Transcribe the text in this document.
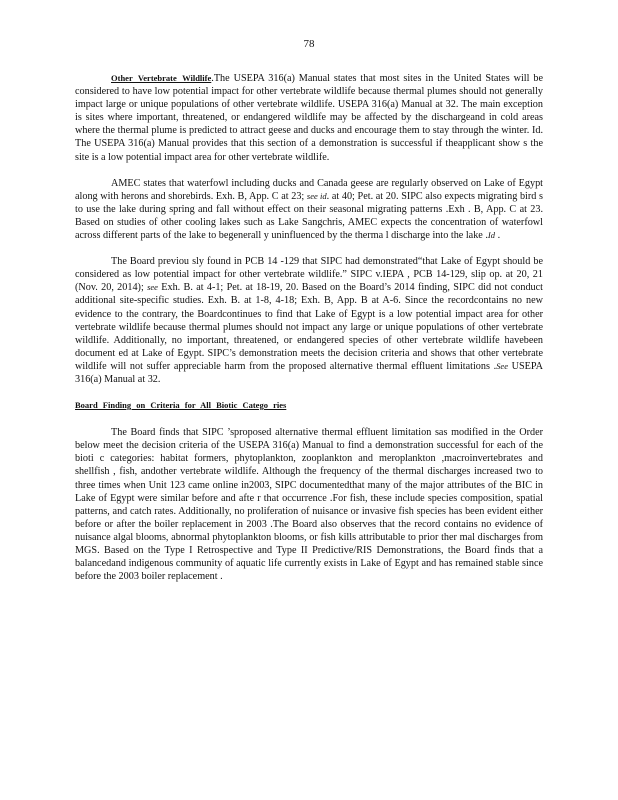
78

Other Vertebrate Wildlife.The USEPA 316(a) Manual states that most sites in the United States will be considered to have low potential impact for other vertebrate wildlife because thermal plumes should not generally impact large or unique populations of other vertebrate wildlife. USEPA 316(a) Manual at 32. The main exception is sites where important, threatened, or endangered wildlife may be affected by the dischargeand in cold areas where the thermal plume is predicted to attract geese and ducks and encourage them to stay through the winter. Id. The USEPA 316(a) Manual provides that this section of a demonstration is successful if theapplicant show s the site is a low potential impact area for other vertebrate wildlife.

AMEC states that waterfowl including ducks and Canada geese are regularly observed on Lake of Egypt along with herons and shorebirds. Exh. B, App. C at 23; see id. at 40; Pet. at 20. SIPC also expects migrating bird s to use the lake during spring and fall without effect on their seasonal migrating patterns .Exh . B, App. C at 23. Based on studies of other cooling lakes such as Lake Sangchris, AMEC expects the concentration of waterfowl across different parts of the lake to begenerall y uninfluenced by the therma l discharge into the lake .Id .

The Board previou sly found in PCB 14 -129 that SIPC had demonstrated“that Lake of Egypt should be considered as low potential impact for other vertebrate wildlife.” SIPC v.IEPA , PCB 14-129, slip op. at 20, 21 (Nov. 20, 2014); see Exh. B. at 4-1; Pet. at 18-19, 20. Based on the Board’s 2014 finding, SIPC did not conduct additional site-specific studies. Exh. B. at 1-8, 4-18; Exh. B, App. B at A-6. Since the recordcontains no new evidence to the contrary, the Boardcontinues to find that Lake of Egypt is a low potential impact area for other vertebrate wildlife because thermal plumes should not impact any large or unique populations of other vertebrate wildlife. Additionally, no important, threatened, or endangered species of other vertebrate wildlife havebeen document ed at Lake of Egypt. SIPC’s demonstration meets the decision criteria and shows that other vertebrate wildlife will not suffer appreciable harm from the proposed alternative thermal effluent limitations .See USEPA 316(a) Manual at 32.

Board Finding on Criteria for All Biotic Catego ries

The Board finds that SIPC ’sproposed alternative thermal effluent limitation sas modified in the Order below meet the decision criteria of the USEPA 316(a) Manual to find a demonstration successful for each of the bioti c categories: habitat formers, phytoplankton, zooplankton and meroplankton ,macroinvertebrates and shellfish , fish, andother vertebrate wildlife. Although the frequency of the thermal discharges increased two to three times when Unit 123 came online in2003, SIPC documentedthat many of the major attributes of the BIC in Lake of Egypt were similar before and afte r that occurrence .For fish, these include species composition, spatial patterns, and catch rates. Additionally, no proliferation of nuisance or invasive fish species has been evident either before or after the boiler replacement in 2003 .The Board also observes that the record contains no evidence of nuisance algal blooms, abnormal phytoplankton blooms, or fish kills attributable to prior ther mal discharges from MGS. Based on the Type I Retrospective and Type II Predictive/RIS Demonstrations, the Board finds that a balancedand indigenous community of aquatic life currently exists in Lake of Egypt and has remained stable since before the 2003 boiler replacement .
